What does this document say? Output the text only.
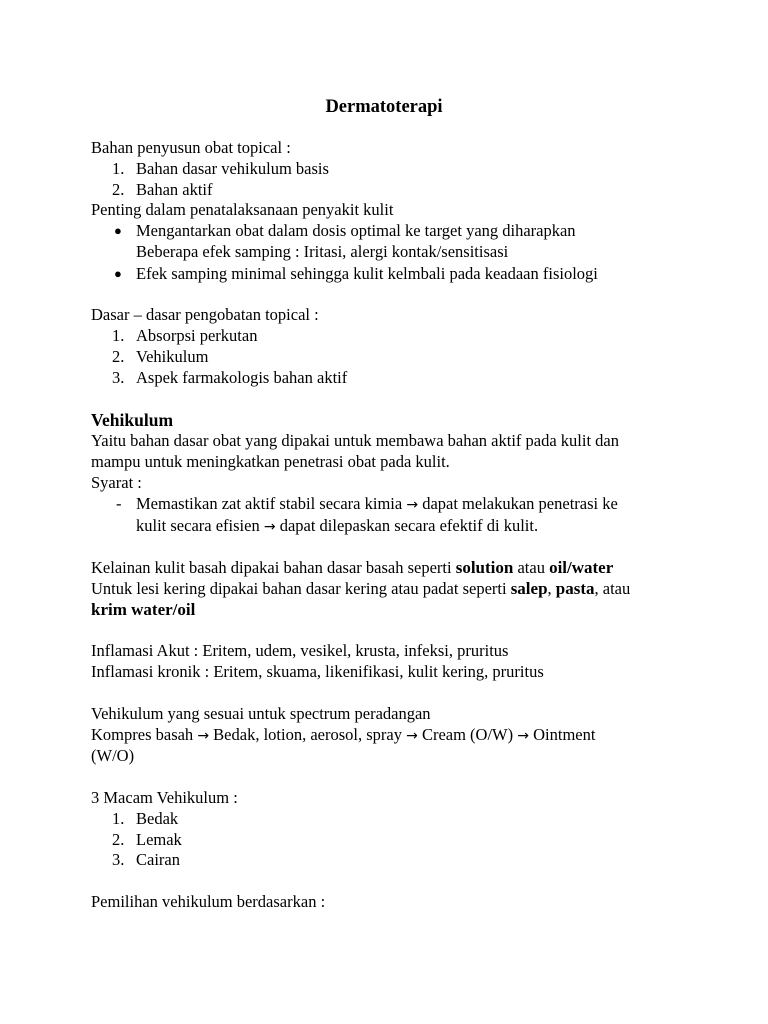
Dermatoterapi
Bahan penyusun obat topical :
1. Bahan dasar vehikulum basis
2. Bahan aktif
Penting dalam penatalaksanaan penyakit kulit
● Mengantarkan obat dalam dosis optimal ke target yang diharapkan
Beberapa efek samping : Iritasi, alergi kontak/sensitisasi
● Efek samping minimal sehingga kulit kelmbali pada keadaan fisiologi
Dasar – dasar pengobatan topical :
1. Absorpsi perkutan
2. Vehikulum
3. Aspek farmakologis bahan aktif
Vehikulum
Yaitu bahan dasar obat yang dipakai untuk membawa bahan aktif pada kulit dan
mampu untuk meningkatkan penetrasi obat pada kulit.
Syarat :
- Memastikan zat aktif stabil secara kimia → dapat melakukan penetrasi ke
kulit secara efisien → dapat dilepaskan secara efektif di kulit.
Kelainan kulit basah dipakai bahan dasar basah seperti solution atau oil/water
Untuk lesi kering dipakai bahan dasar kering atau padat seperti salep, pasta, atau
krim water/oil
Inflamasi Akut : Eritem, udem, vesikel, krusta, infeksi, pruritus
Inflamasi kronik : Eritem, skuama, likenifikasi, kulit kering, pruritus
Vehikulum yang sesuai untuk spectrum peradangan
Kompres basah → Bedak, lotion, aerosol, spray → Cream (O/W) → Ointment
(W/O)
3 Macam Vehikulum :
1. Bedak
2. Lemak
3. Cairan
Pemilihan vehikulum berdasarkan :
